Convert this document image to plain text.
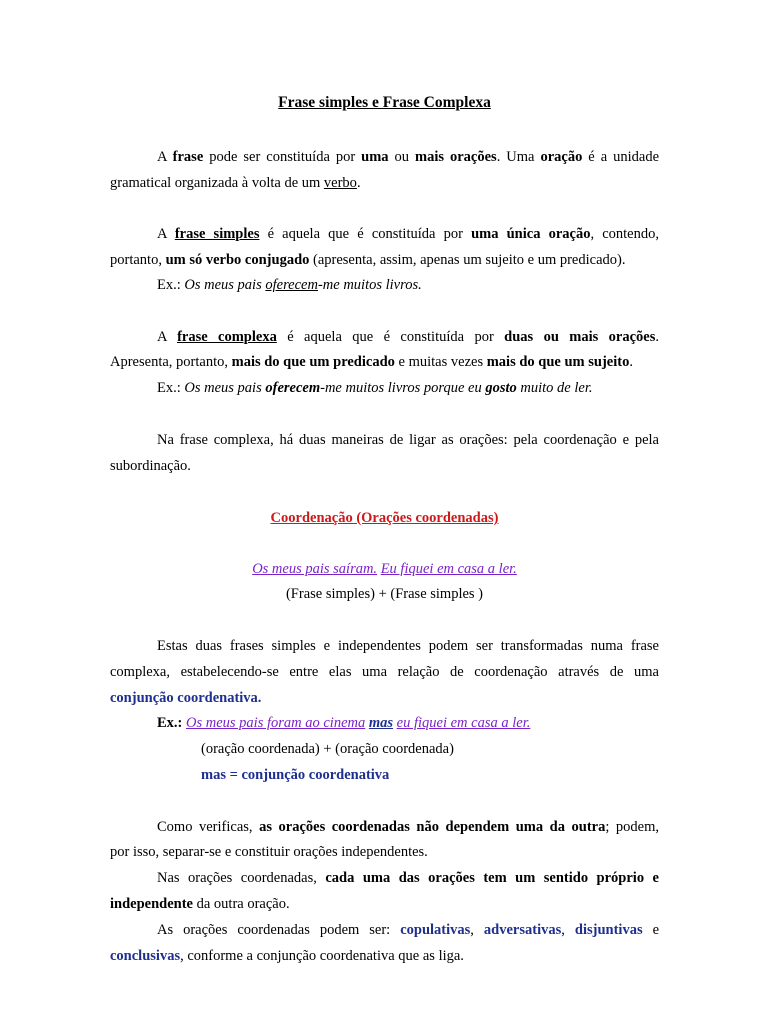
Frase simples e Frase Complexa
A frase pode ser constituída por uma ou mais orações. Uma oração é a unidade
gramatical organizada à volta de um verbo.
A frase simples é aquela que é constituída por uma única oração, contendo,
portanto, um só verbo conjugado (apresenta, assim, apenas um sujeito e um predicado).
Ex.: Os meus pais oferecem-me muitos livros.
A frase complexa é aquela que é constituída por duas ou mais orações.
Apresenta, portanto, mais do que um predicado e muitas vezes mais do que um sujeito.
Ex.: Os meus pais oferecem-me muitos livros porque eu gosto muito de ler.
Na frase complexa, há duas maneiras de ligar as orações: pela coordenação e pela
subordinação.
Coordenação (Orações coordenadas)
Os meus pais saíram. Eu fiquei em casa a ler.
(Frase simples) + (Frase simples )
Estas duas frases simples e independentes podem ser transformadas numa frase
complexa, estabelecendo-se entre elas uma relação de coordenação através de uma
conjunção coordenativa.
Ex.: Os meus pais foram ao cinema mas eu fiquei em casa a ler.
(oração coordenada) + (oração coordenada)
mas = conjunção coordenativa
Como verificas, as orações coordenadas não dependem uma da outra; podem,
por isso, separar-se e constituir orações independentes.
Nas orações coordenadas, cada uma das orações tem um sentido próprio e
independente da outra oração.
As orações coordenadas podem ser: copulativas, adversativas, disjuntivas e
conclusivas, conforme a conjunção coordenativa que as liga.
